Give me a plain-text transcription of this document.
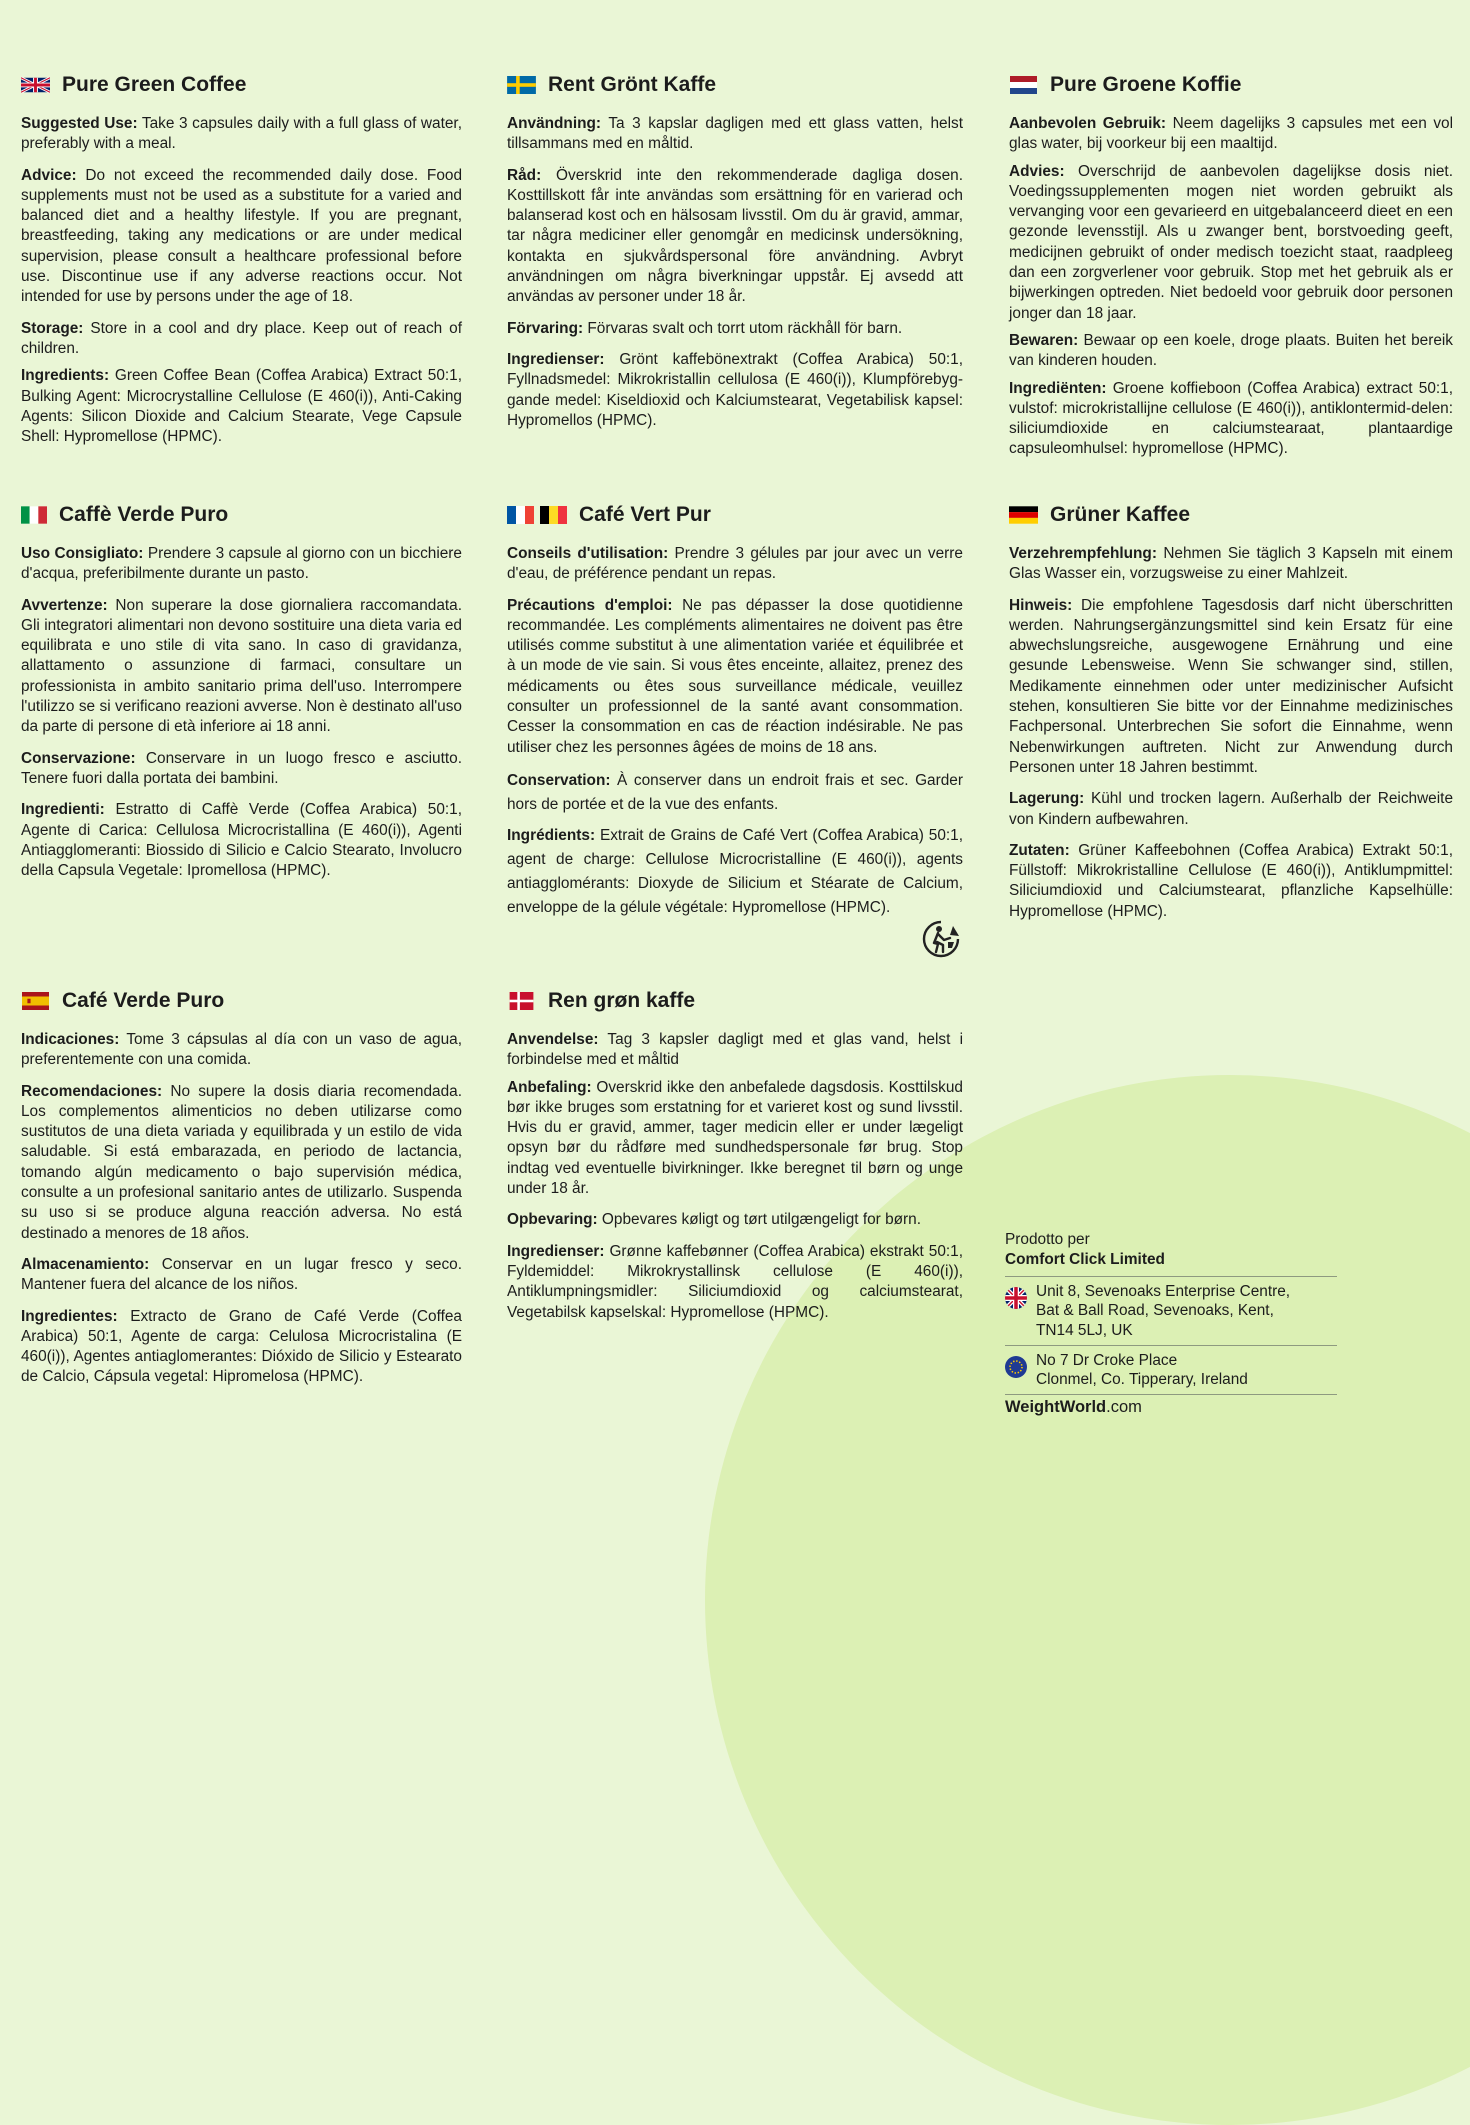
Pure Green Coffee

Suggested Use: Take 3 capsules daily with a full glass of water, preferably with a meal.

Advice: Do not exceed the recommended daily dose. Food supplements must not be used as a substitute for a varied and balanced diet and a healthy lifestyle. If you are pregnant, breastfeeding, taking any medications or are under medical supervision, please consult a healthcare professional before use. Discontinue use if any adverse reactions occur. Not intended for use by persons under the age of 18.

Storage: Store in a cool and dry place. Keep out of reach of children.

Ingredients: Green Coffee Bean (Coffea Arabica) Extract 50:1, Bulking Agent: Microcrystalline Cellulose (E 460(i)), Anti-Caking Agents: Silicon Dioxide and Calcium Stearate, Vege Capsule Shell: Hypromellose (HPMC).

Rent Grönt Kaffe

Användning: Ta 3 kapslar dagligen med ett glass vatten, helst tillsammans med en måltid.

Råd: Överskrid inte den rekommenderade dagliga dosen. Kosttillskott får inte användas som ersättning för en varierad och balanserad kost och en hälsosam livsstil. Om du är gravid, ammar, tar några mediciner eller genomgår en medicinsk undersökning, kontakta en sjukvårdspersonal före användning. Avbryt användningen om några biverkningar uppstår. Ej avsedd att användas av personer under 18 år.

Förvaring: Förvaras svalt och torrt utom räckhåll för barn.

Ingredienser: Grönt kaffebönextrakt (Coffea Arabica) 50:1, Fyllnadsmedel: Mikrokristallin cellulosa (E 460(i)), Klumpförebyg-gande medel: Kiseldioxid och Kalciumstearat, Vegetabilisk kapsel: Hypromellos (HPMC).

Pure Groene Koffie

Aanbevolen Gebruik: Neem dagelijks 3 capsules met een vol glas water, bij voorkeur bij een maaltijd.

Advies: Overschrijd de aanbevolen dagelijkse dosis niet. Voedingssupplementen mogen niet worden gebruikt als vervanging voor een gevarieerd en uitgebalanceerd dieet en een gezonde levensstijl. Als u zwanger bent, borstvoeding geeft, medicijnen gebruikt of onder medisch toezicht staat, raadpleeg dan een zorgverlener voor gebruik. Stop met het gebruik als er bijwerkingen optreden. Niet bedoeld voor gebruik door personen jonger dan 18 jaar.

Bewaren: Bewaar op een koele, droge plaats. Buiten het bereik van kinderen houden.

Ingrediënten: Groene koffieboon (Coffea Arabica) extract 50:1, vulstof: microkristallijne cellulose (E 460(i)), antiklontermid-delen: siliciumdioxide en calciumstearaat, plantaardige capsuleomhulsel: hypromellose (HPMC).

Caffè Verde Puro

Uso Consigliato: Prendere 3 capsule al giorno con un bicchiere d'acqua, preferibilmente durante un pasto.

Avvertenze: Non superare la dose giornaliera raccomandata. Gli integratori alimentari non devono sostituire una dieta varia ed equilibrata e uno stile di vita sano. In caso di gravidanza, allattamento o assunzione di farmaci, consultare un professionista in ambito sanitario prima dell'uso. Interrompere l'utilizzo se si verificano reazioni avverse. Non è destinato all'uso da parte di persone di età inferiore ai 18 anni.

Conservazione: Conservare in un luogo fresco e asciutto. Tenere fuori dalla portata dei bambini.

Ingredienti: Estratto di Caffè Verde (Coffea Arabica) 50:1, Agente di Carica: Cellulosa Microcristallina (E 460(i)), Agenti Antiagglomeranti: Biossido di Silicio e Calcio Stearato, Involucro della Capsula Vegetale: Ipromellosa (HPMC).

Café Vert Pur

Conseils d'utilisation: Prendre 3 gélules par jour avec un verre d'eau, de préférence pendant un repas.

Précautions d'emploi: Ne pas dépasser la dose quotidienne recommandée. Les compléments alimentaires ne doivent pas être utilisés comme substitut à une alimentation variée et équilibrée et à un mode de vie sain. Si vous êtes enceinte, allaitez, prenez des médicaments ou êtes sous surveillance médicale, veuillez consulter un professionnel de la santé avant consommation. Cesser la consommation en cas de réaction indésirable. Ne pas utiliser chez les personnes âgées de moins de 18 ans.

Conservation: À conserver dans un endroit frais et sec. Garder hors de portée et de la vue des enfants.

Ingrédients: Extrait de Grains de Café Vert (Coffea Arabica) 50:1, agent de charge: Cellulose Microcristalline (E 460(i)), agents antiagglomérants: Dioxyde de Silicium et Stéarate de Calcium, enveloppe de la gélule végétale: Hypromellose (HPMC).

Grüner Kaffee

Verzehrempfehlung: Nehmen Sie täglich 3 Kapseln mit einem Glas Wasser ein, vorzugsweise zu einer Mahlzeit.

Hinweis: Die empfohlene Tagesdosis darf nicht überschritten werden. Nahrungsergänzungsmittel sind kein Ersatz für eine abwechslungsreiche, ausgewogene Ernährung und eine gesunde Lebensweise. Wenn Sie schwanger sind, stillen, Medikamente einnehmen oder unter medizinischer Aufsicht stehen, konsultieren Sie bitte vor der Einnahme medizinisches Fachpersonal. Unterbrechen Sie sofort die Einnahme, wenn Nebenwirkungen auftreten. Nicht zur Anwendung durch Personen unter 18 Jahren bestimmt.

Lagerung: Kühl und trocken lagern. Außerhalb der Reichweite von Kindern aufbewahren.

Zutaten: Grüner Kaffeebohnen (Coffea Arabica) Extrakt 50:1, Füllstoff: Mikrokristalline Cellulose (E 460(i)), Antiklumpmittel: Siliciumdioxid und Calciumstearat, pflanzliche Kapselhülle: Hypromellose (HPMC).

Café Verde Puro

Indicaciones: Tome 3 cápsulas al día con un vaso de agua, preferentemente con una comida.

Recomendaciones: No supere la dosis diaria recomendada. Los complementos alimenticios no deben utilizarse como sustitutos de una dieta variada y equilibrada y un estilo de vida saludable. Si está embarazada, en periodo de lactancia, tomando algún medicamento o bajo supervisión médica, consulte a un profesional sanitario antes de utilizarlo. Suspenda su uso si se produce alguna reacción adversa. No está destinado a menores de 18 años.

Almacenamiento: Conservar en un lugar fresco y seco. Mantener fuera del alcance de los niños.

Ingredientes: Extracto de Grano de Café Verde (Coffea Arabica) 50:1, Agente de carga: Celulosa Microcristalina (E 460(i)), Agentes antiaglomerantes: Dióxido de Silicio y Estearato de Calcio, Cápsula vegetal: Hipromelosa (HPMC).

Ren grøn kaffe

Anvendelse: Tag 3 kapsler dagligt med et glas vand, helst i forbindelse med et måltid

Anbefaling: Overskrid ikke den anbefalede dagsdosis. Kosttilskud bør ikke bruges som erstatning for et varieret kost og sund livsstil. Hvis du er gravid, ammer, tager medicin eller er under lægeligt opsyn bør du rådføre med sundhedspersonale før brug. Stop indtag ved eventuelle bivirkninger. Ikke beregnet til børn og unge under 18 år.

Opbevaring: Opbevares køligt og tørt utilgængeligt for børn.

Ingredienser: Grønne kaffebønner (Coffea Arabica) ekstrakt 50:1, Fyldemiddel: Mikrokrystallinsk cellulose (E 460(i)), Antiklumpningsmidler: Siliciumdioxid og calciumstearat, Vegetabilsk kapselskal: Hypromellose (HPMC).

Prodotto per
Comfort Click Limited
Unit 8, Sevenoaks Enterprise Centre,
Bat & Ball Road, Sevenoaks, Kent,
TN14 5LJ, UK
No 7 Dr Croke Place
Clonmel, Co. Tipperary, Ireland
WeightWorld.com
